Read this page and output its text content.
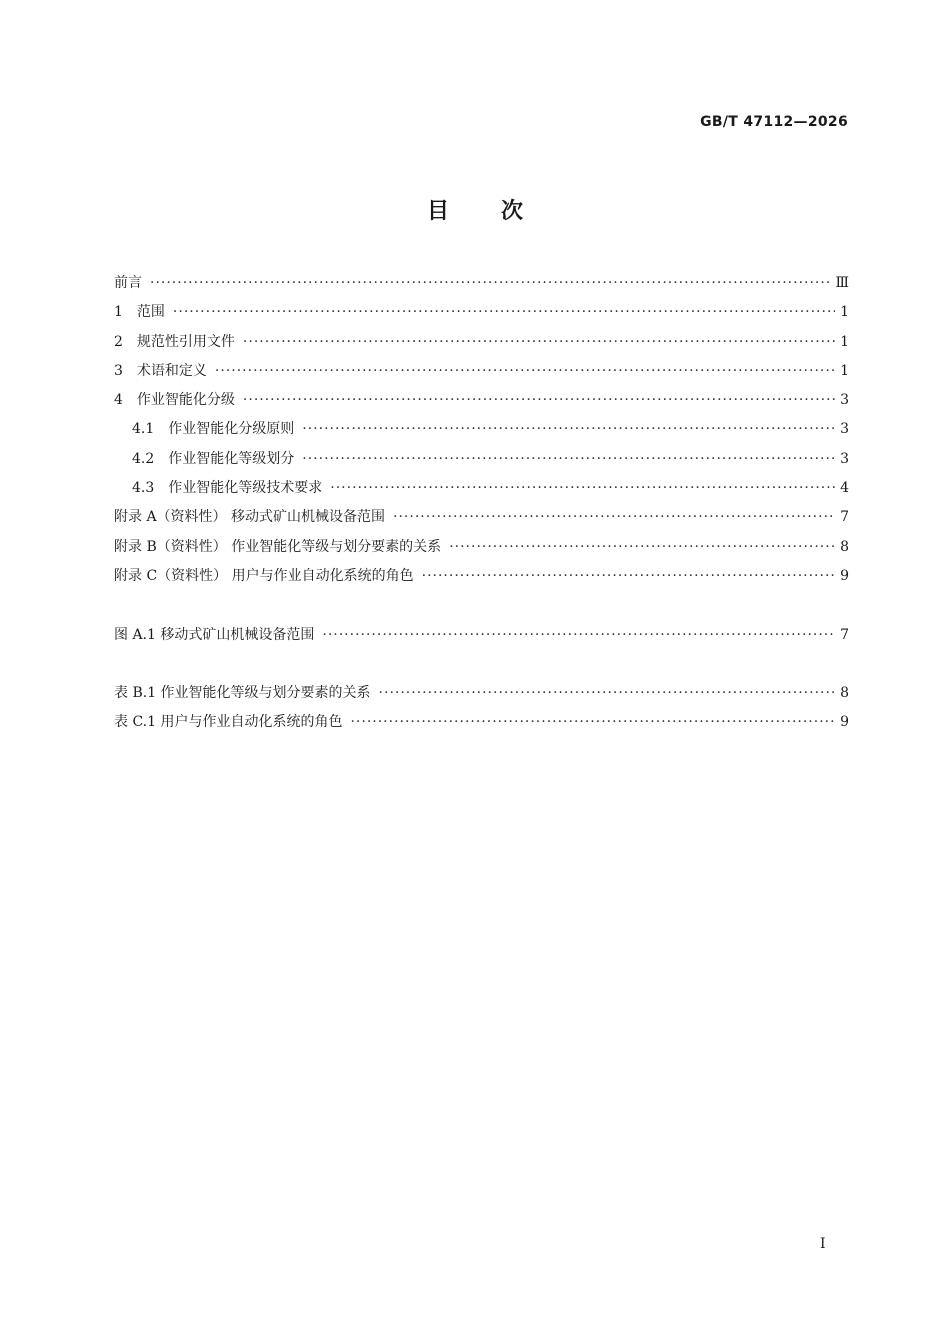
GB/T 47112—2026
目 次
前言 ·····	Ⅲ
1 范围 ·····	1
2 规范性引用文件 ·····	1
3 术语和定义 ·····	1
4 作业智能化分级 ·····	3
4.1 作业智能化分级原则 ·····	3
4.2 作业智能化等级划分 ·····	3
4.3 作业智能化等级技术要求 ·····	4
附录 A（资料性） 移动式矿山机械设备范围 ·····	7
附录 B（资料性） 作业智能化等级与划分要素的关系 ·····	8
附录 C（资料性） 用户与作业自动化系统的角色 ·····	9
图 A.1 移动式矿山机械设备范围 ·····	7
表 B.1 作业智能化等级与划分要素的关系 ·····	8
表 C.1 用户与作业自动化系统的角色 ·····	9
I
